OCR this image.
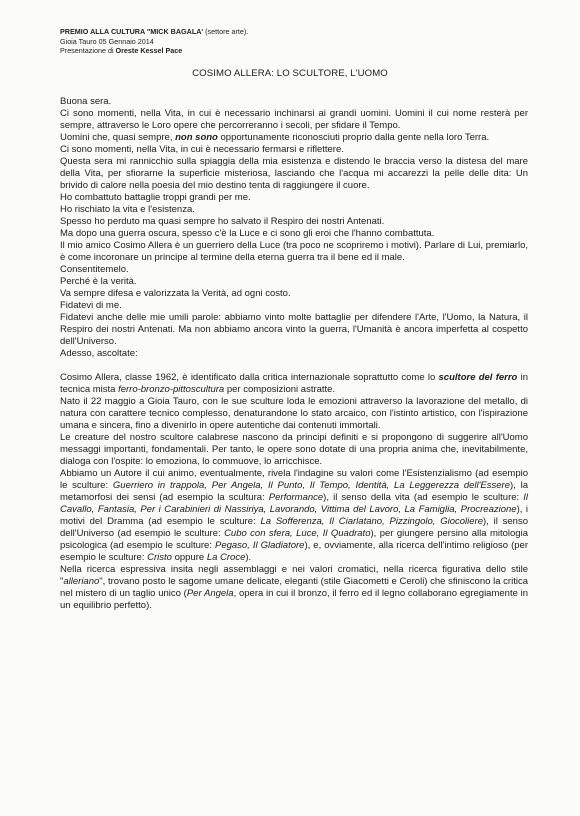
PREMIO ALLA CULTURA "MICK BAGALA' (settore arte).
Gioia Tauro 05 Gennaio 2014
Presentazione di Oreste Kessel Pace
COSIMO ALLERA: LO SCULTORE, L'UOMO

Buona sera.

Ci sono momenti, nella Vita, in cui è necessario inchinarsi ai grandi uomini. Uomini il cui nome resterà per sempre, attraverso le Loro opere che percorreranno i secoli, per sfidare il Tempo.

Uomini che, quasi sempre, non sono opportunamente riconosciuti proprio dalla gente nella loro Terra.

Ci sono momenti, nella Vita, in cui è necessario fermarsi e riflettere.

Questa sera mi rannicchio sulla spiaggia della mia esistenza e distendo le braccia verso la distesa del mare della Vita, per sfiorarne la superficie misteriosa, lasciando che l'acqua mi accarezzi la pelle delle dita: Un brivido di calore nella poesia del mio destino tenta di raggiungere il cuore.

Ho combattuto battaglie troppi grandi per me.

Ho rischiato la vita e l'esistenza.

Spesso ho perduto ma quasi sempre ho salvato il Respiro dei nostri Antenati.

Ma dopo una guerra oscura, spesso c'è la Luce e ci sono gli eroi che l'hanno combattuta.

Il mio amico Cosimo Allera è un guerriero della Luce (tra poco ne scopriremo i motivi). Parlare di Lui, premiarlo, è come incoronare un principe al termine della eterna guerra tra il bene ed il male.

Consentitemelo.

Perché è la verità.

Va sempre difesa e valorizzata la Verità, ad ogni costo.

Fidatevi di me.

Fidatevi anche delle mie umili parole: abbiamo vinto molte battaglie per difendere l'Arte, l'Uomo, la Natura, il Respiro dei nostri Antenati. Ma non abbiamo ancora vinto la guerra, l'Umanità è ancora imperfetta al cospetto dell'Universo.

Adesso, ascoltate:

Cosimo Allera, classe 1962, è identificato dalla critica internazionale soprattutto come lo scultore del ferro in tecnica mista ferro-bronzo-pittoscultura per composizioni astratte.

Nato il 22 maggio a Gioia Tauro, con le sue sculture loda le emozioni attraverso la lavorazione del metallo, di natura con carattere tecnico complesso, denaturandone lo stato arcaico, con l'istinto artistico, con l'ispirazione umana e sincera, fino a divenirlo in opere autentiche dai contenuti immortali.

Le creature del nostro scultore calabrese nascono da principi definiti e si propongono di suggerire all'Uomo messaggi importanti, fondamentali. Per tanto, le opere sono dotate di una propria anima che, inevitabilmente, dialoga con l'ospite: lo emoziona, lo commuove, lo arricchisce.

Abbiamo un Autore il cui animo, eventualmente, rivela l'indagine su valori come l'Esistenzialismo (ad esempio le sculture: Guerriero in trappola, Per Angela, Il Punto, Il Tempo, Identità, La Leggerezza dell'Essere), la metamorfosi dei sensi (ad esempio la scultura: Performance), il senso della vita (ad esempio le sculture: Il Cavallo, Fantasia, Per i Carabinieri di Nassiriya, Lavorando, Vittima del Lavoro, La Famiglia, Procreazione), i motivi del Dramma (ad esempio le sculture: La Sofferenza, Il Ciarlatano, Pizzingolo, Giocoliere), il senso dell'Universo (ad esempio le sculture: Cubo con sfera, Luce, Il Quadrato), per giungere persino alla mitologia psicologica (ad esempio le sculture: Pegaso, Il Gladiatore), e, ovviamente, alla ricerca dell'intimo religioso (per esempio le sculture: Cristo oppure La Croce).

Nella ricerca espressiva insita negli assemblaggi e nei valori cromatici, nella ricerca figurativa dello stile "alleriano", trovano posto le sagome umane delicate, eleganti (stile Giacometti e Ceroli) che sfiniscono la critica nel mistero di un taglio unico (Per Angela, opera in cui il bronzo, il ferro ed il legno collaborano egregiamente in un equilibrio perfetto).
